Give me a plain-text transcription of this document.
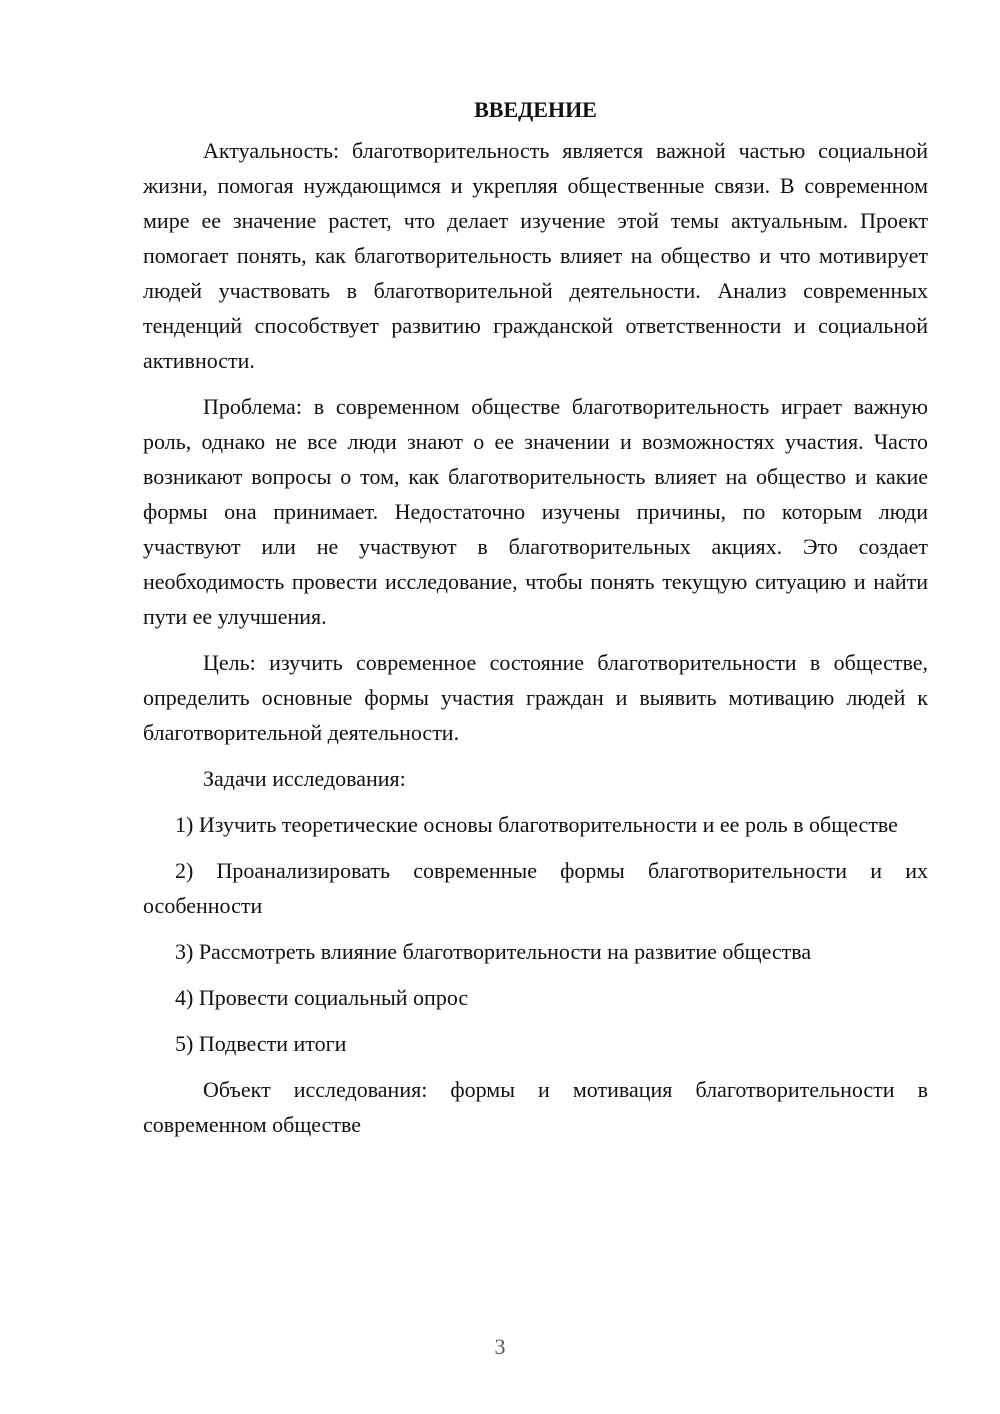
ВВЕДЕНИЕ

Актуальность: благотворительность является важной частью социальной жизни, помогая нуждающимся и укрепляя общественные связи. В современном мире ее значение растет, что делает изучение этой темы актуальным. Проект помогает понять, как благотворительность влияет на общество и что мотивирует людей участвовать в благотворительной деятельности. Анализ современных тенденций способствует развитию гражданской ответственности и социальной активности.

Проблема: в современном обществе благотворительность играет важную роль, однако не все люди знают о ее значении и возможностях участия. Часто возникают вопросы о том, как благотворительность влияет на общество и какие формы она принимает. Недостаточно изучены причины, по которым люди участвуют или не участвуют в благотворительных акциях. Это создает необходимость провести исследование, чтобы понять текущую ситуацию и найти пути ее улучшения.

Цель: изучить современное состояние благотворительности в обществе, определить основные формы участия граждан и выявить мотивацию людей к благотворительной деятельности.

Задачи исследования:

1) Изучить теоретические основы благотворительности и ее роль в обществе

2) Проанализировать современные формы благотворительности и их особенности

3) Рассмотреть влияние благотворительности на развитие общества

4) Провести социальный опрос

5) Подвести итоги

Объект исследования: формы и мотивация благотворительности в современном обществе

3
